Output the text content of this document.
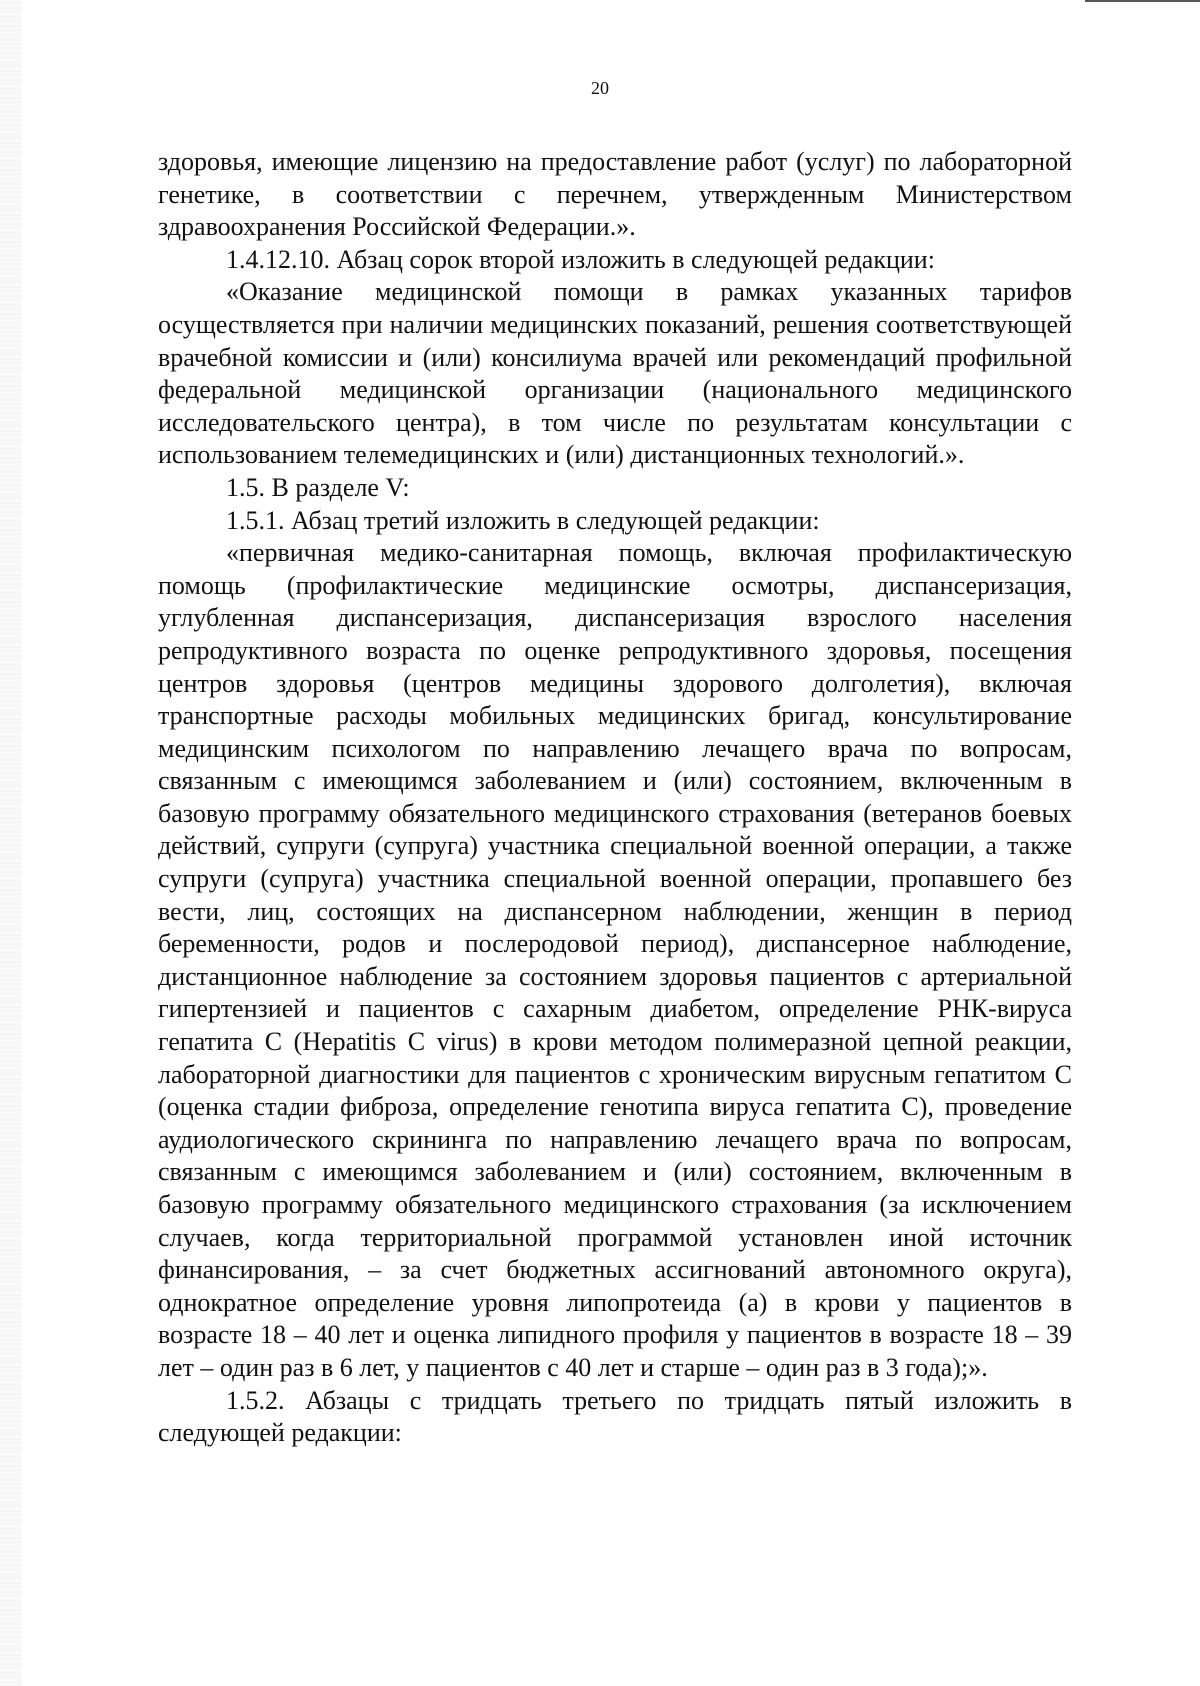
20

здоровья, имеющие лицензию на предоставление работ (услуг) по лабораторной генетике, в соответствии с перечнем, утвержденным Министерством здравоохранения Российской Федерации.».

1.4.12.10. Абзац сорок второй изложить в следующей редакции:

«Оказание медицинской помощи в рамках указанных тарифов осуществляется при наличии медицинских показаний, решения соответствующей врачебной комиссии и (или) консилиума врачей или рекомендаций профильной федеральной медицинской организации (национального медицинского исследовательского центра), в том числе по результатам консультации с использованием телемедицинских и (или) дистанционных технологий.».

1.5. В разделе V:

1.5.1. Абзац третий изложить в следующей редакции:

«первичная медико-санитарная помощь, включая профилактическую помощь (профилактические медицинские осмотры, диспансеризация, углубленная диспансеризация, диспансеризация взрослого населения репродуктивного возраста по оценке репродуктивного здоровья, посещения центров здоровья (центров медицины здорового долголетия), включая транспортные расходы мобильных медицинских бригад, консультирование медицинским психологом по направлению лечащего врача по вопросам, связанным с имеющимся заболеванием и (или) состоянием, включенным в базовую программу обязательного медицинского страхования (ветеранов боевых действий, супруги (супруга) участника специальной военной операции, а также супруги (супруга) участника специальной военной операции, пропавшего без вести, лиц, состоящих на диспансерном наблюдении, женщин в период беременности, родов и послеродовой период), диспансерное наблюдение, дистанционное наблюдение за состоянием здоровья пациентов с артериальной гипертензией и пациентов с сахарным диабетом, определение РНК-вируса гепатита С (Hepatitis C virus) в крови методом полимеразной цепной реакции, лабораторной диагностики для пациентов с хроническим вирусным гепатитом С (оценка стадии фиброза, определение генотипа вируса гепатита С), проведение аудиологического скрининга по направлению лечащего врача по вопросам, связанным с имеющимся заболеванием и (или) состоянием, включенным в базовую программу обязательного медицинского страхования (за исключением случаев, когда территориальной программой установлен иной источник финансирования, – за счет бюджетных ассигнований автономного округа), однократное определение уровня липопротеида (а) в крови у пациентов в возрасте 18 – 40 лет и оценка липидного профиля у пациентов в возрасте 18 – 39 лет – один раз в 6 лет, у пациентов с 40 лет и старше – один раз в 3 года);».

1.5.2. Абзацы с тридцать третьего по тридцать пятый изложить в следующей редакции:
